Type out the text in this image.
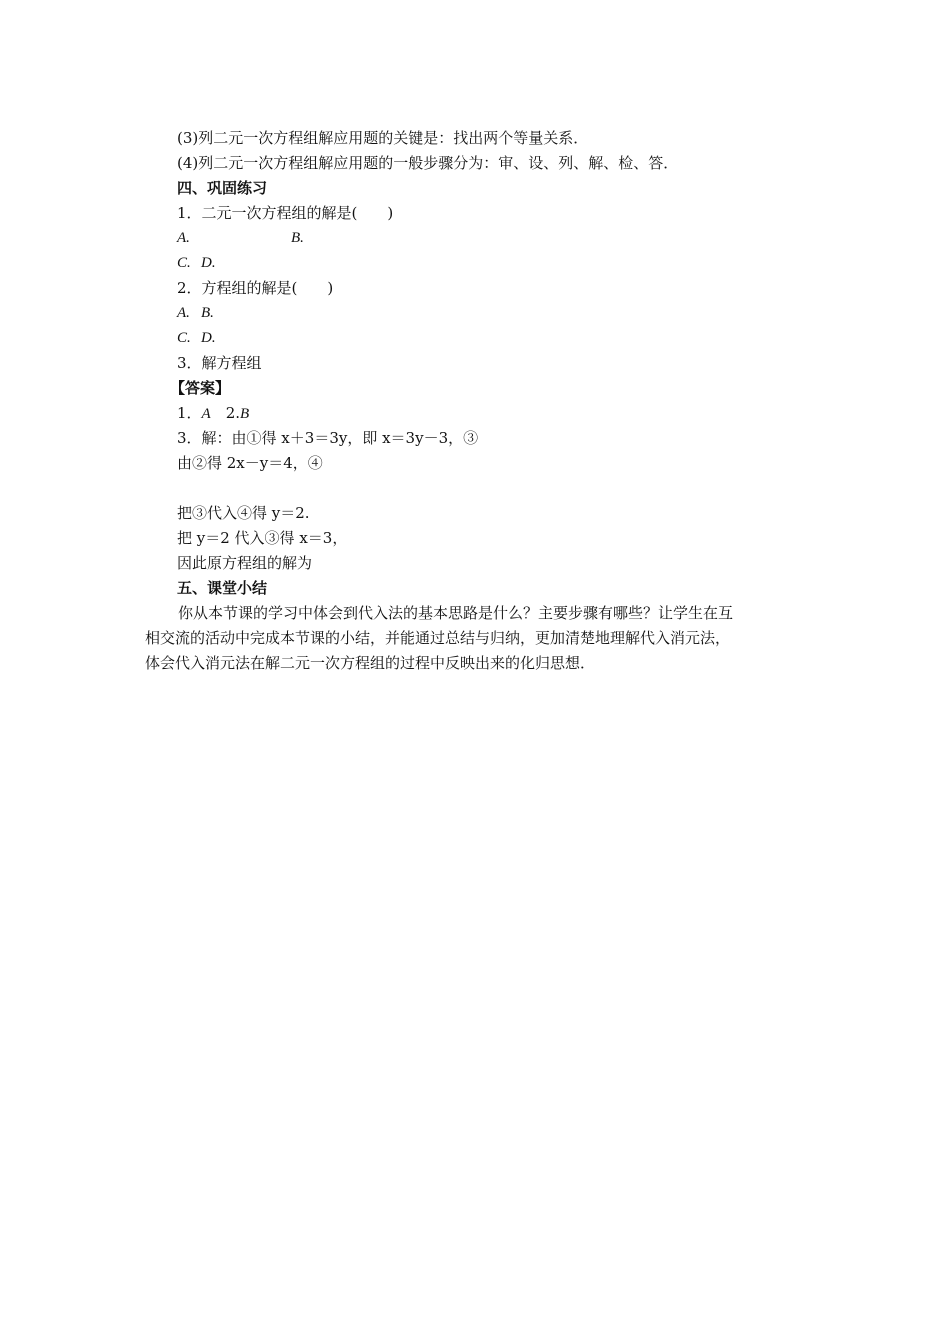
(3)列二元一次方程组解应用题的关键是：找出两个等量关系．
(4)列二元一次方程组解应用题的一般步骤分为：审、设、列、解、检、答．
四、巩固练习
1．二元一次方程组的解是(　　)
A.	B.
C. D.
2．方程组的解是(　　)
A. B.
C. D.
3．解方程组
【答案】
1．A　2.B
3．解：由①得 x＋3＝3y，即 x＝3y－3，③
由②得 2x－y＝4，④
把③代入④得 y＝2.
把 y＝2 代入③得 x＝3，
因此原方程组的解为
五、课堂小结
你从本节课的学习中体会到代入法的基本思路是什么？主要步骤有哪些？让学生在互
相交流的活动中完成本节课的小结，并能通过总结与归纳，更加清楚地理解代入消元法，
体会代入消元法在解二元一次方程组的过程中反映出来的化归思想．
